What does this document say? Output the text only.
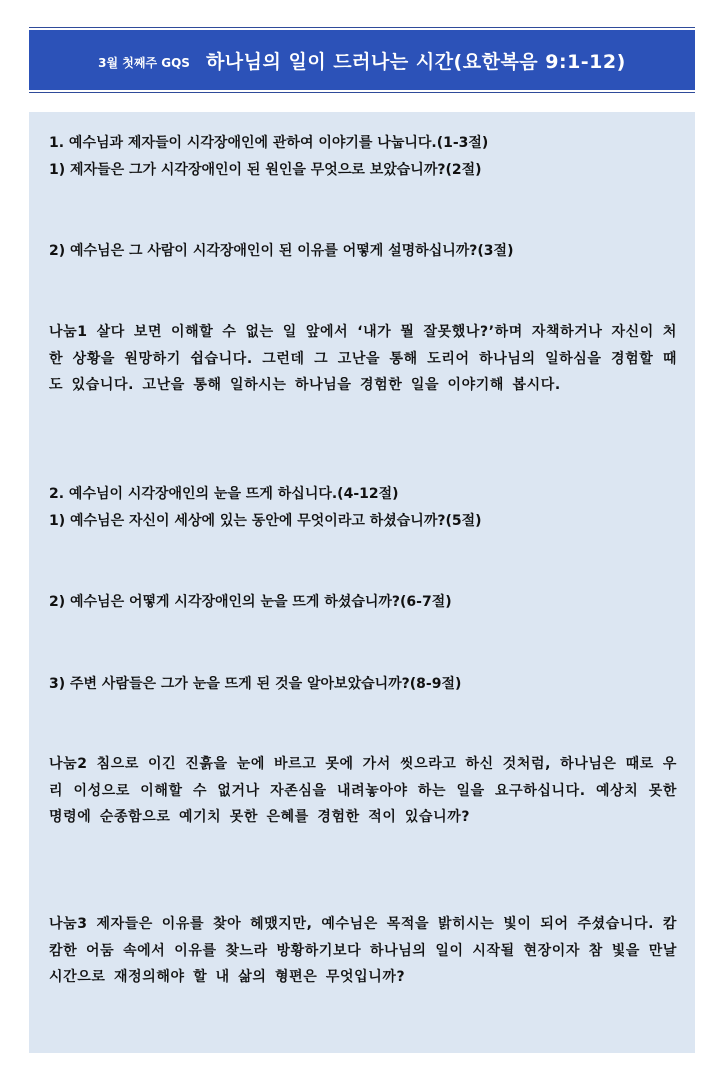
3월 첫째주 GQS 하나님의 일이 드러나는 시간(요한복음 9:1-12)
1. 예수님과 제자들이 시각장애인에 관하여 이야기를 나눕니다.(1-3절)
1) 제자들은 그가 시각장애인이 된 원인을 무엇으로 보았습니까?(2절)
2) 예수님은 그 사람이 시각장애인이 된 이유를 어떻게 설명하십니까?(3절)
나눔1 살다 보면 이해할 수 없는 일 앞에서 ‘내가 뭘 잘못했나?’하며 자책하거나 자신이 처한 상황을 원망하기 쉽습니다. 그런데 그 고난을 통해 도리어 하나님의 일하심을 경험할 때도 있습니다. 고난을 통해 일하시는 하나님을 경험한 일을 이야기해 봅시다.
2. 예수님이 시각장애인의 눈을 뜨게 하십니다.(4-12절)
1) 예수님은 자신이 세상에 있는 동안에 무엇이라고 하셨습니까?(5절)
2) 예수님은 어떻게 시각장애인의 눈을 뜨게 하셨습니까?(6-7절)
3) 주변 사람들은 그가 눈을 뜨게 된 것을 알아보았습니까?(8-9절)
나눔2 침으로 이긴 진흙을 눈에 바르고 못에 가서 씻으라고 하신 것처럼, 하나님은 때로 우리 이성으로 이해할 수 없거나 자존심을 내려놓아야 하는 일을 요구하십니다. 예상치 못한 명령에 순종함으로 예기치 못한 은혜를 경험한 적이 있습니까?
나눔3 제자들은 이유를 찾아 헤맸지만, 예수님은 목적을 밝히시는 빛이 되어 주셨습니다. 캄캄한 어둠 속에서 이유를 찾느라 방황하기보다 하나님의 일이 시작될 현장이자 참 빛을 만날 시간으로 재정의해야 할 내 삶의 형편은 무엇입니까?
